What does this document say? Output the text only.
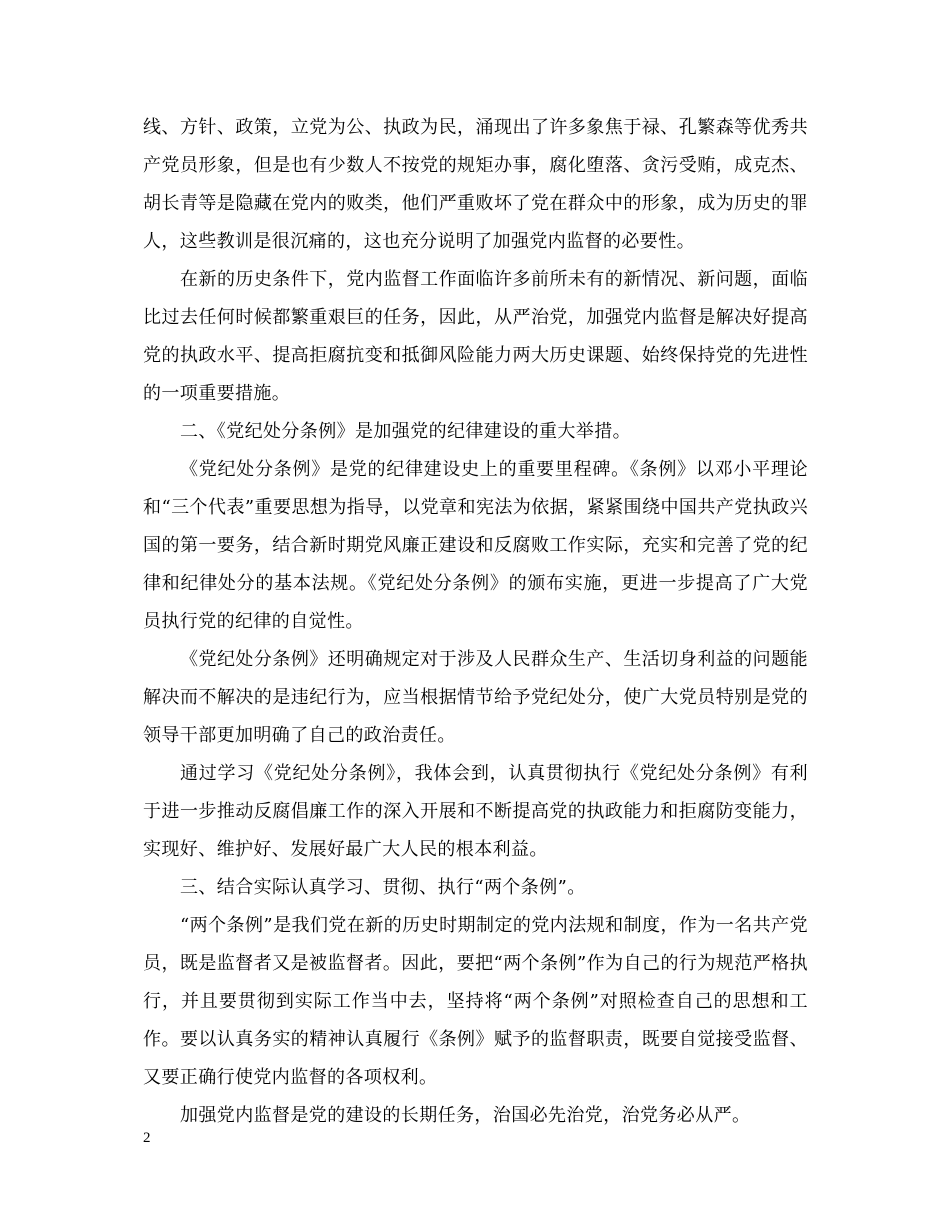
线、方针、政策，立党为公、执政为民，涌现出了许多象焦于禄、孔繁森等优秀共产党员形象，但是也有少数人不按党的规矩办事，腐化堕落、贪污受贿，成克杰、胡长青等是隐藏在党内的败类，他们严重败坏了党在群众中的形象，成为历史的罪人，这些教训是很沉痛的，这也充分说明了加强党内监督的必要性。

在新的历史条件下，党内监督工作面临许多前所未有的新情况、新问题，面临比过去任何时候都繁重艰巨的任务，因此，从严治党，加强党内监督是解决好提高党的执政水平、提高拒腐抗变和抵御风险能力两大历史课题、始终保持党的先进性的一项重要措施。

二、《党纪处分条例》是加强党的纪律建设的重大举措。

《党纪处分条例》是党的纪律建设史上的重要里程碑。《条例》以邓小平理论和“三个代表”重要思想为指导，以党章和宪法为依据，紧紧围绕中国共产党执政兴国的第一要务，结合新时期党风廉正建设和反腐败工作实际，充实和完善了党的纪律和纪律处分的基本法规。《党纪处分条例》的颁布实施，更进一步提高了广大党员执行党的纪律的自觉性。

《党纪处分条例》还明确规定对于涉及人民群众生产、生活切身利益的问题能解决而不解决的是违纪行为，应当根据情节给予党纪处分，使广大党员特别是党的领导干部更加明确了自己的政治责任。

通过学习《党纪处分条例》，我体会到，认真贯彻执行《党纪处分条例》有利于进一步推动反腐倡廉工作的深入开展和不断提高党的执政能力和拒腐防变能力，实现好、维护好、发展好最广大人民的根本利益。

三、结合实际认真学习、贯彻、执行“两个条例”。

“两个条例”是我们党在新的历史时期制定的党内法规和制度，作为一名共产党员，既是监督者又是被监督者。因此，要把“两个条例”作为自己的行为规范严格执行，并且要贯彻到实际工作当中去，坚持将“两个条例”对照检查自己的思想和工作。要以认真务实的精神认真履行《条例》赋予的监督职责，既要自觉接受监督、又要正确行使党内监督的各项权利。

加强党内监督是党的建设的长期任务，治国必先治党，治党务必从严。

2
